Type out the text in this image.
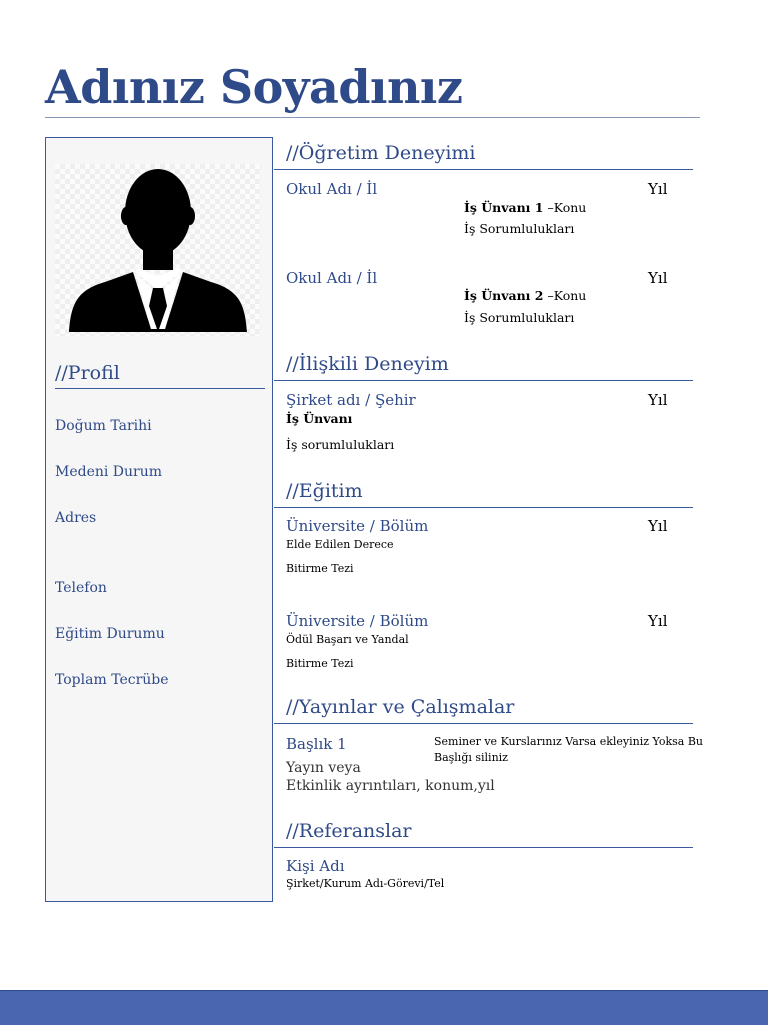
Adınız Soyadınız
//Profil
Doğum Tarihi
Medeni Durum
Adres
Telefon
Eğitim Durumu
Toplam Tecrübe
//Öğretim Deneyimi
Okul Adı / İl	Yıl
İş Ünvanı 1 –Konu
İş Sorumlulukları
Okul Adı / İl	Yıl
İş Ünvanı 2 –Konu
İş Sorumlulukları
//İlişkili Deneyim
Şirket adı / Şehir	Yıl
İş Ünvanı
İş sorumlulukları
//Eğitim
Üniversite / Bölüm	Yıl
Elde Edilen Derece
Bitirme Tezi
Üniversite / Bölüm	Yıl
Ödül Başarı ve Yandal
Bitirme Tezi
//Yayınlar ve Çalışmalar
Başlık 1	Seminer ve Kurslarınız Varsa ekleyiniz Yoksa Bu
Başlığı siliniz
Yayın veya
Etkinlik ayrıntıları, konum,yıl
//Referanslar
Kişi Adı
Şirket/Kurum Adı-Görevi/Tel
